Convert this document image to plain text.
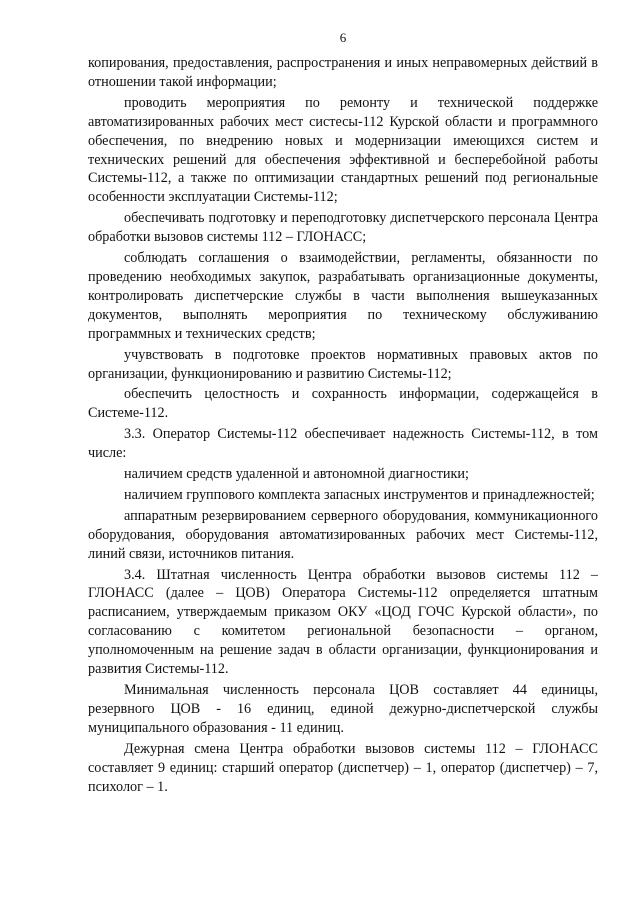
6

копирования, предоставления, распространения и иных неправомерных действий в отношении такой информации;

проводить мероприятия по ремонту и технической поддержке автоматизированных рабочих мест систесы-112 Курской области и программного обеспечения, по внедрению новых и модернизации имеющихся систем и технических решений для обеспечения эффективной и бесперебойной работы Системы-112, а также по оптимизации стандартных решений под региональные особенности эксплуатации Системы-112;

обеспечивать подготовку и переподготовку диспетчерского персонала Центра обработки вызовов системы 112 – ГЛОНАСС;

соблюдать соглашения о взаимодействии, регламенты, обязанности по проведению необходимых закупок, разрабатывать организационные документы, контролировать диспетчерские службы в части выполнения вышеуказанных документов, выполнять мероприятия по техническому обслуживанию программных и технических средств;

учувствовать в подготовке проектов нормативных правовых актов по организации, функционированию и развитию Системы-112;

обеспечить целостность и сохранность информации, содержащейся в Системе-112.

3.3. Оператор Системы-112 обеспечивает надежность Системы-112, в том числе:

наличием средств удаленной и автономной диагностики;

наличием группового комплекта запасных инструментов и принадлежностей;

аппаратным резервированием серверного оборудования, коммуникационного оборудования, оборудования автоматизированных рабочих мест Системы-112, линий связи, источников питания.

3.4. Штатная численность Центра обработки вызовов системы 112 – ГЛОНАСС (далее – ЦОВ) Оператора Системы-112 определяется штатным расписанием, утверждаемым приказом ОКУ «ЦОД ГОЧС Курской области», по согласованию с комитетом региональной безопасности – органом, уполномоченным на решение задач в области организации, функционирования и развития Системы-112.

Минимальная численность персонала ЦОВ составляет 44 единицы, резервного ЦОВ - 16 единиц, единой дежурно-диспетчерской службы муниципального образования - 11 единиц.

Дежурная смена Центра обработки вызовов системы 112 – ГЛОНАСС составляет 9 единиц: старший оператор (диспетчер) – 1, оператор (диспетчер) – 7, психолог – 1.
